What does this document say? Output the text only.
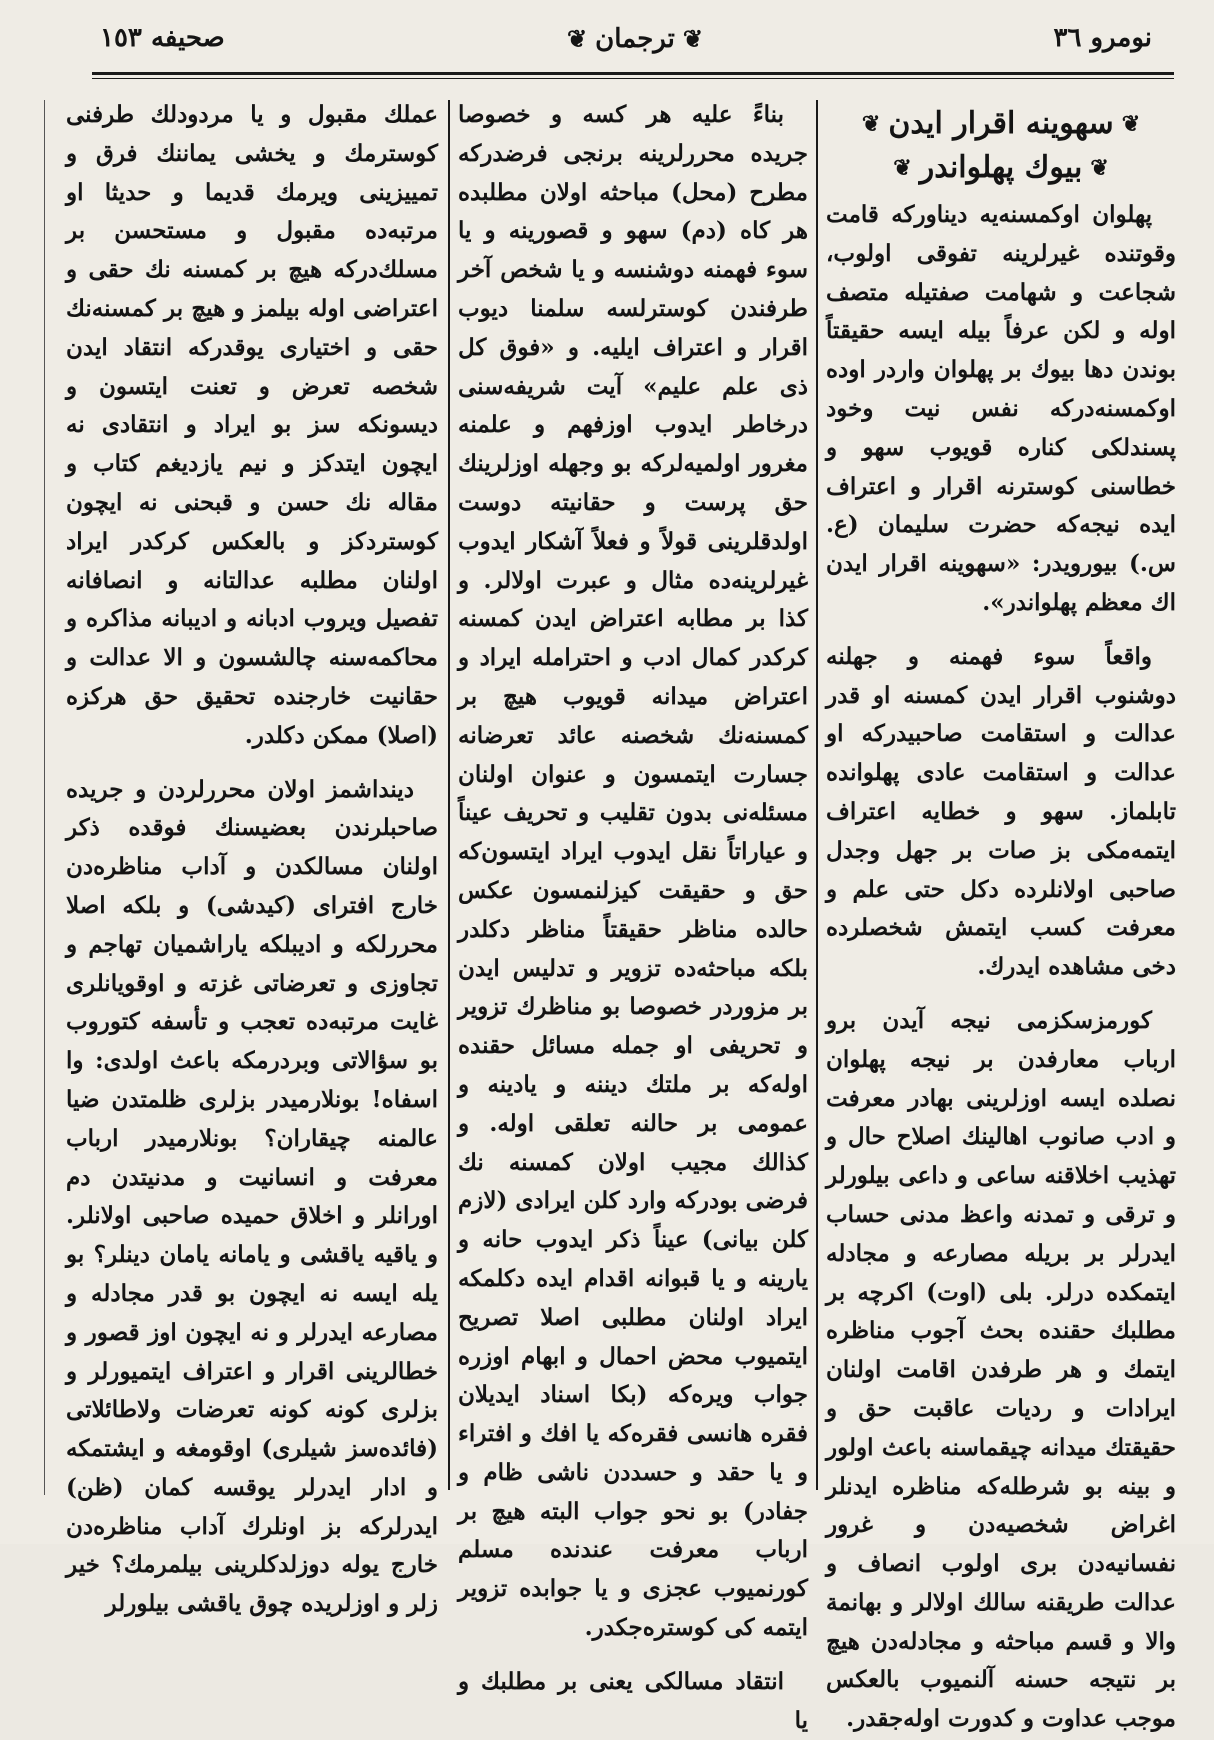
صحیفه ١٥٣	❦ ترجمان ❦	نومرو ٣٦
❦
سهوینه اقرار ایدن
❦
❦
بیوك پهلواندر
❦

پهلوان اوکمسنه‌یه دیناورکه قامت وقوتنده غیرلرینه تفوقی اولوب، شجاعت و شهامت صفتیله متصف اوله و لکن عرفاً بیله ایسه حقیقتاً بوندن دها بیوك بر پهلوان واردر اوده اوکمسنه‌درکه نفس نیت وخود پسندلکی کناره قویوب سهو و خطاسنی کوسترنه اقرار و اعتراف ایده نیجه‌که حضرت سلیمان (ع. س.) بیورویدر: «سهوینه اقرار ایدن اك معظم پهلواندر».

واقعاً سوء فهمنه و جهلنه دوشنوب اقرار ایدن کمسنه او قدر عدالت و استقامت صاحبیدرکه او عدالت و استقامت عادی پهلوانده تابلماز. سهو و خطایه اعتراف ایتمه‌مکی بز صات بر جهل وجدل صاحبی اولانلرده دکل حتی علم و معرفت کسب ایتمش شخصلرده دخی مشاهده ایدرك.

کورمزسکزمی نیجه آیدن برو ارباب معارفدن بر نیجه پهلوان نصلده ایسه اوزلرینی بهادر معرفت و ادب صانوب اهالینك اصلاح حال و تهذیب اخلاقنه ساعی و داعی بیلورلر و ترقی و تمدنه واعظ مدنی حساب ایدرلر بر بریله مصارعه و مجادله ایتمکده درلر. بلی (اوت) اکرچه بر مطلبك حقنده بحث آجوب مناظره ایتمك و هر طرفدن اقامت اولنان ایرادات و ردیات عاقبت حق و حقیقتك میدانه چیقماسنه باعث اولور و بینه بو شرطله‌که مناظره ایدنلر اغراض شخصیه‌دن و غرور نفسانیه‌دن بری اولوب انصاف و عدالت طریقنه سالك اولالر و بهانمة والا و قسم مباحثه و مجادله‌دن هیچ بر نتیجه حسنه آلنمیوب بالعکس موجب عداوت و کدورت اوله‌جقدر.

بناءً علیه هر کسه و خصوصا جریده محررلرینه برنجی فرضدرکه مطرح (محل) مباحثه اولان مطلبده هر کاه (دم) سهو و قصورینه و یا سوء فهمنه دوشنسه و یا شخص آخر طرفندن کوسترلسه سلمنا دیوب اقرار و اعتراف ایلیه. و «فوق کل ذی علم علیم» آیت شریفه‌سنی درخاطر ایدوب اوزفهم و علمنه مغرور اولمیه‌لرکه بو وجهله اوزلرینك حق پرست و حقانیته دوست اولدقلرینی قولاً و فعلاً آشکار ایدوب غیرلرینه‌ده مثال و عبرت اولالر. و کذا بر مطابه اعتراض ایدن کمسنه کرکدر کمال ادب و احترامله ایراد و اعتراض میدانه قویوب هیچ بر کمسنه‌نك شخصنه عائد تعرضانه جسارت ایتمسون و عنوان اولنان مسئله‌نی بدون تقلیب و تحریف عیناً و عیاراتاً نقل ایدوب ایراد ایتسون‌که حق و حقیقت کیزلنمسون عکس حالده مناظر حقیقتاً مناظر دکلدر بلکه مباحثه‌ده تزویر و تدلیس ایدن بر مزوردر خصوصا بو مناظرك تزویر و تحریفی او جمله مسائل حقنده اوله‌که بر ملتك دیننه و یادینه و عمومی بر حالنه تعلقی اوله. و کذالك مجیب اولان کمسنه نك فرضی بودرکه وارد کلن ایرادی (لازم کلن بیانی) عیناً ذکر ایدوب حانه و یارینه و یا قبوانه اقدام ایده دکلمکه ایراد اولنان مطلبی اصلا تصریح ایتمیوب محض احمال و ابهام اوزره جواب ویره‌که (بکا اسناد ایدیلان فقره هانسی فقره‌که یا افك و افتراء و یا حقد و حسددن ناشی ظام و جفادر) بو نحو جواب البته هیچ بر ارباب معرفت عندنده مسلم کورنمیوب عجزی و یا جوابده تزویر ایتمه کی کوستره‌جکدر.

انتقاد مسالکی یعنی بر مطلبك و یا

عملك مقبول و یا مردودلك طرفنی کوسترمك و یخشی یماننك فرق و تمییزینی ویرمك قدیما و حدیثا او مرتبه‌ده مقبول و مستحسن بر مسلك‌درکه هیچ بر کمسنه نك حقی و اعتراضی اوله بیلمز و هیچ بر کمسنه‌نك حقی و اختیاری یوقدرکه انتقاد ایدن شخصه تعرض و تعنت ایتسون و دیسونکه سز بو ایراد و انتقادی نه ایچون ایتدکز و نیم یازدیغم کتاب و مقاله نك حسن و قبحنی نه ایچون کوستردکز و بالعکس کرکدر ایراد اولنان مطلبه عدالتانه و انصافانه تفصیل ویروب ادبانه و ادیبانه مذاکره و محاکمه‌سنه چالشسون و الا عدالت و حقانیت خارجنده تحقیق حق هرکزه (اصلا) ممکن دکلدر.

دینداشمز اولان محررلردن و جریده صاحبلرندن بعضیسنك فوقده ذکر اولنان مسالکدن و آداب مناظره‌دن خارج افترای (کیدشی) و بلکه اصلا محررلکه و ادیبلکه یاراشمیان تهاجم و تجاوزی و تعرضاتی غزته و اوقویانلری غایت مرتبه‌ده تعجب و تأسفه کتوروب بو سؤالاتی وبردرمکه باعث اولدی: وا اسفاه! بونلارمیدر بزلری ظلمتدن ضیا عالمنه چیقاران؟ بونلارمیدر ارباب معرفت و انسانیت و مدنیتدن دم اورانلر و اخلاق حمیده صاحبی اولانلر. و یاقیه یاقشی و یامانه یامان دینلر؟ بو یله ایسه نه ایچون بو قدر مجادله و مصارعه ایدرلر و نه ایچون اوز قصور و خطالرینی اقرار و اعتراف ایتمیورلر و بزلری کونه کونه تعرضات ولاطائلاتی (فائده‌سز شیلری) اوقومغه و ایشتمکه و ادار ایدرلر یوقسه کمان (ظن) ایدرلرکه بز اونلرك آداب مناظره‌دن خارج یوله دوزلدکلرینی بیلمرمك؟ خیر زلر و اوزلریده چوق یاقشی بیلورلر
